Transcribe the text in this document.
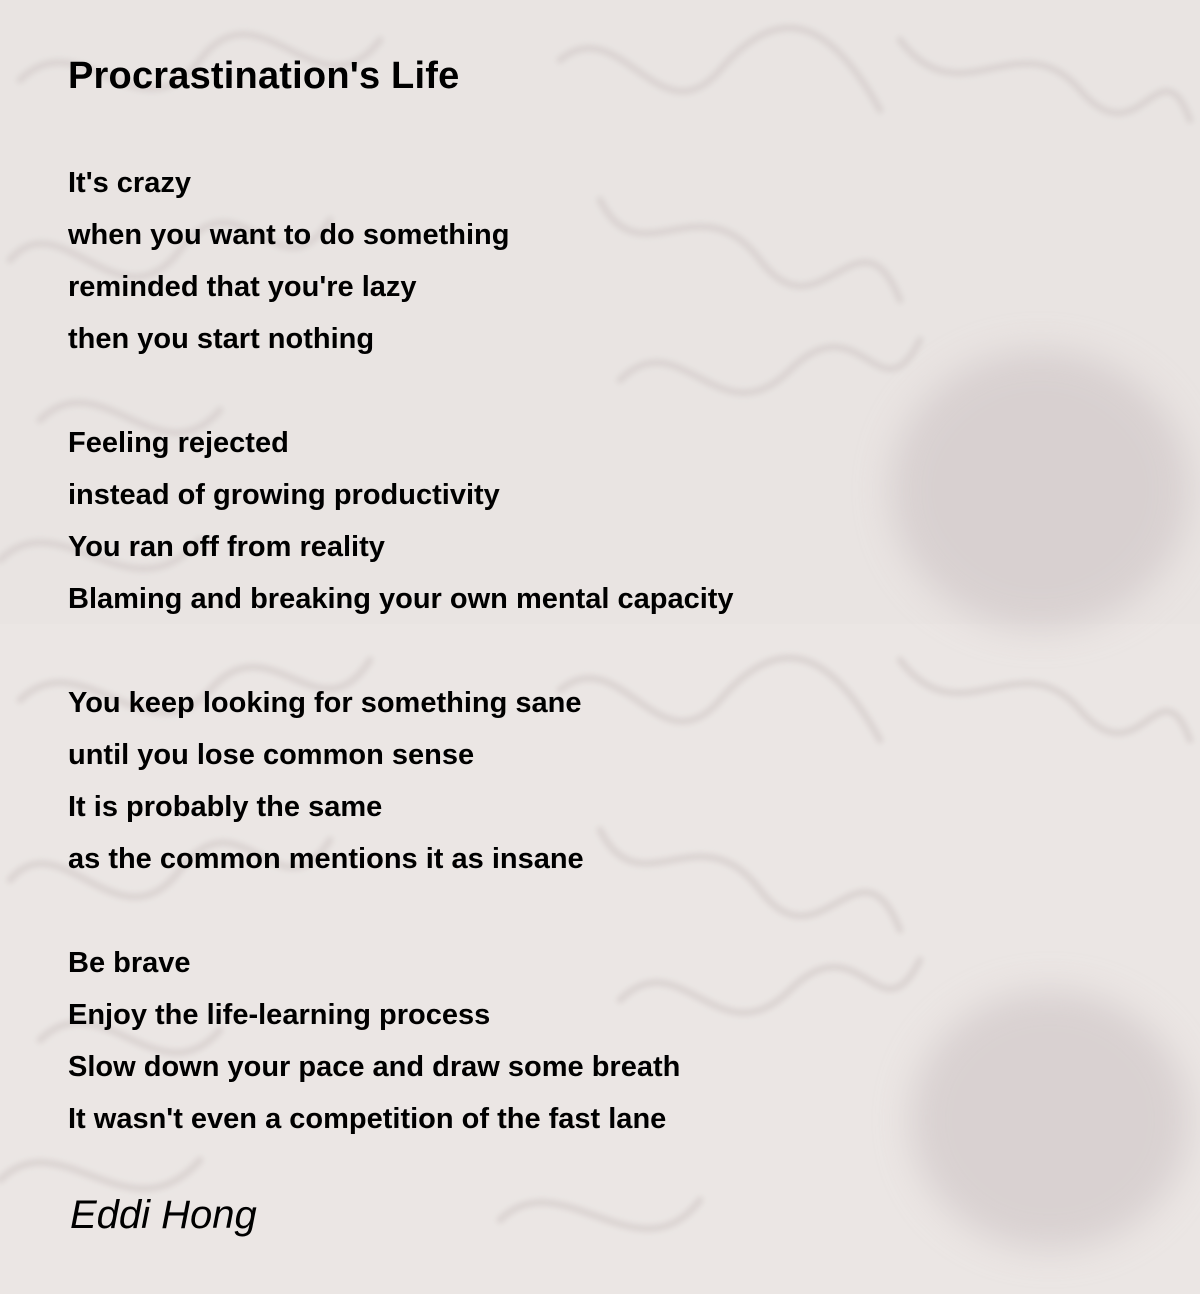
Procrastination's Life
It's crazy
when you want to do something
reminded that you're lazy
then you start nothing
Feeling rejected
instead of growing productivity
You ran off from reality
Blaming and breaking your own mental capacity
You keep looking for something sane
until you lose common sense
It is probably the same
as the common mentions it as insane
Be brave
Enjoy the life-learning process
Slow down your pace and draw some breath
It wasn't even a competition of the fast lane
Eddi Hong
